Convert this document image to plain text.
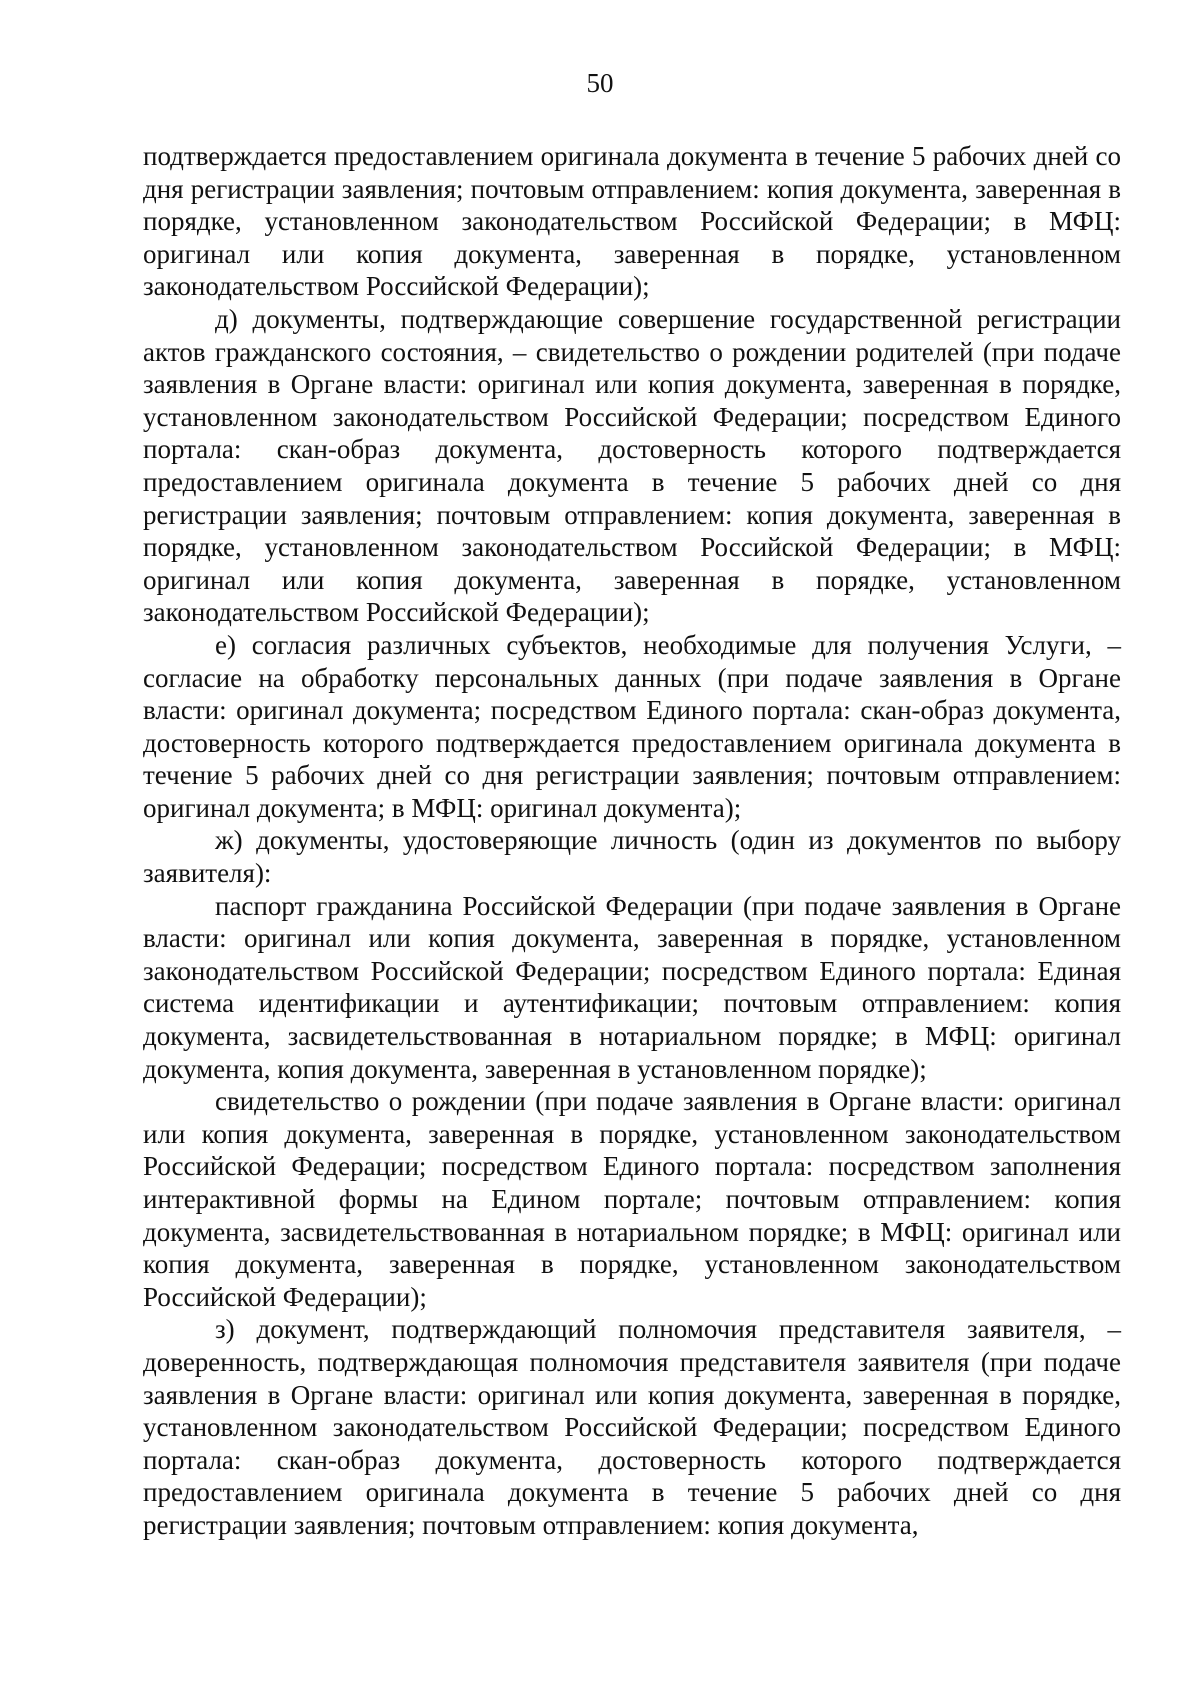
50

подтверждается предоставлением оригинала документа в течение 5 рабочих дней со дня регистрации заявления; почтовым отправлением: копия документа, заверенная в порядке, установленном законодательством Российской Федерации; в МФЦ: оригинал или копия документа, заверенная в порядке, установленном законодательством Российской Федерации);

д) документы, подтверждающие совершение государственной регистрации актов гражданского состояния, – свидетельство о рождении родителей (при подаче заявления в Органе власти: оригинал или копия документа, заверенная в порядке, установленном законодательством Российской Федерации; посредством Единого портала: скан-образ документа, достоверность которого подтверждается предоставлением оригинала документа в течение 5 рабочих дней со дня регистрации заявления; почтовым отправлением: копия документа, заверенная в порядке, установленном законодательством Российской Федерации; в МФЦ: оригинал или копия документа, заверенная в порядке, установленном законодательством Российской Федерации);

е) согласия различных субъектов, необходимые для получения Услуги, – согласие на обработку персональных данных (при подаче заявления в Органе власти: оригинал документа; посредством Единого портала: скан-образ документа, достоверность которого подтверждается предоставлением оригинала документа в течение 5 рабочих дней со дня регистрации заявления; почтовым отправлением: оригинал документа; в МФЦ: оригинал документа);

ж) документы, удостоверяющие личность (один из документов по выбору заявителя):

паспорт гражданина Российской Федерации (при подаче заявления в Органе власти: оригинал или копия документа, заверенная в порядке, установленном законодательством Российской Федерации; посредством Единого портала: Единая система идентификации и аутентификации; почтовым отправлением: копия документа, засвидетельствованная в нотариальном порядке; в МФЦ: оригинал документа, копия документа, заверенная в установленном порядке);

свидетельство о рождении (при подаче заявления в Органе власти: оригинал или копия документа, заверенная в порядке, установленном законодательством Российской Федерации; посредством Единого портала: посредством заполнения интерактивной формы на Едином портале; почтовым отправлением: копия документа, засвидетельствованная в нотариальном порядке; в МФЦ: оригинал или копия документа, заверенная в порядке, установленном законодательством Российской Федерации);

з) документ, подтверждающий полномочия представителя заявителя, – доверенность, подтверждающая полномочия представителя заявителя (при подаче заявления в Органе власти: оригинал или копия документа, заверенная в порядке, установленном законодательством Российской Федерации; посредством Единого портала: скан-образ документа, достоверность которого подтверждается предоставлением оригинала документа в течение 5 рабочих дней со дня регистрации заявления; почтовым отправлением: копия документа,
